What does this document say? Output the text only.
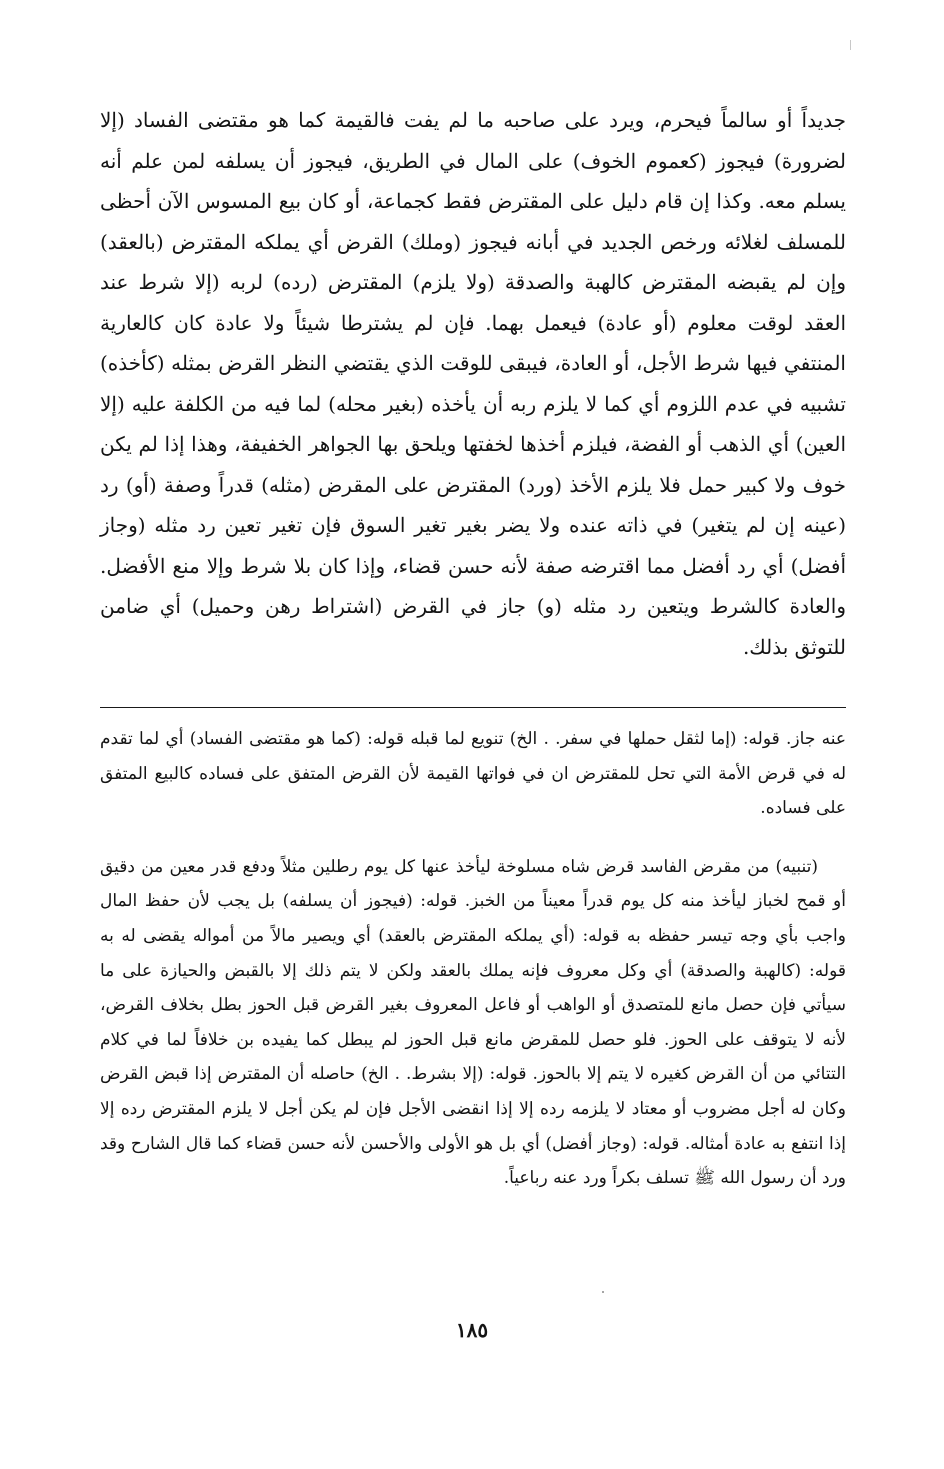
جديداً أو سالماً فيحرم، ويرد على صاحبه ما لم يفت فالقيمة كما هو مقتضى الفساد (إلا لضرورة) فيجوز (كعموم الخوف) على المال في الطريق، فيجوز أن يسلفه لمن علم أنه يسلم معه. وكذا إن قام دليل على المقترض فقط كجماعة، أو كان بيع المسوس الآن أحظى للمسلف لغلائه ورخص الجديد في أبانه فيجوز (وملك) القرض أي يملكه المقترض (بالعقد) وإن لم يقبضه المقترض كالهبة والصدقة (ولا يلزم) المقترض (رده) لربه (إلا شرط عند العقد لوقت معلوم (أو عادة) فيعمل بهما. فإن لم يشترطا شيئاً ولا عادة كان كالعارية المنتفي فيها شرط الأجل، أو العادة، فيبقى للوقت الذي يقتضي النظر القرض بمثله (كأخذه) تشبيه في عدم اللزوم أي كما لا يلزم ربه أن يأخذه (بغير محله) لما فيه من الكلفة عليه (إلا العين) أي الذهب أو الفضة، فيلزم أخذها لخفتها ويلحق بها الجواهر الخفيفة، وهذا إذا لم يكن خوف ولا كبير حمل فلا يلزم الأخذ (ورد) المقترض على المقرض (مثله) قدراً وصفة (أو) رد (عينه إن لم يتغير) في ذاته عنده ولا يضر بغير تغير السوق فإن تغير تعين رد مثله (وجاز أفضل) أي رد أفضل مما اقترضه صفة لأنه حسن قضاء، وإذا كان بلا شرط وإلا منع الأفضل. والعادة كالشرط ويتعين رد مثله (و) جاز في القرض (اشتراط رهن وحميل) أي ضامن للتوثق بذلك.

عنه جاز. قوله: (إما لثقل حملها في سفر. . الخ) تنويع لما قبله قوله: (كما هو مقتضى الفساد) أي لما تقدم له في قرض الأمة التي تحل للمقترض ان في فواتها القيمة لأن القرض المتفق على فساده كالبيع المتفق على فساده.

(تنبيه) من مقرض الفاسد قرض شاه مسلوخة ليأخذ عنها كل يوم رطلين مثلاً ودفع قدر معين من دقيق أو قمح لخباز ليأخذ منه كل يوم قدراً معيناً من الخبز. قوله: (فيجوز أن يسلفه) بل يجب لأن حفظ المال واجب بأي وجه تيسر حفظه به قوله: (أي يملكه المقترض بالعقد) أي ويصير مالاً من أمواله يقضى له به قوله: (كالهبة والصدقة) أي وكل معروف فإنه يملك بالعقد ولكن لا يتم ذلك إلا بالقبض والحيازة على ما سيأتي فإن حصل مانع للمتصدق أو الواهب أو فاعل المعروف بغير القرض قبل الحوز بطل بخلاف القرض، لأنه لا يتوقف على الحوز. فلو حصل للمقرض مانع قبل الحوز لم يبطل كما يفيده بن خلافاً لما في كلام التتائي من أن القرض كغيره لا يتم إلا بالحوز. قوله: (إلا بشرط. . الخ) حاصله أن المقترض إذا قبض القرض وكان له أجل مضروب أو معتاد لا يلزمه رده إلا إذا انقضى الأجل فإن لم يكن أجل لا يلزم المقترض رده إلا إذا انتفع به عادة أمثاله. قوله: (وجاز أفضل) أي بل هو الأولى والأحسن لأنه حسن قضاء كما قال الشارح وقد ورد أن رسول الله ﷺ تسلف بكراً ورد عنه رباعياً.

١٨٥
